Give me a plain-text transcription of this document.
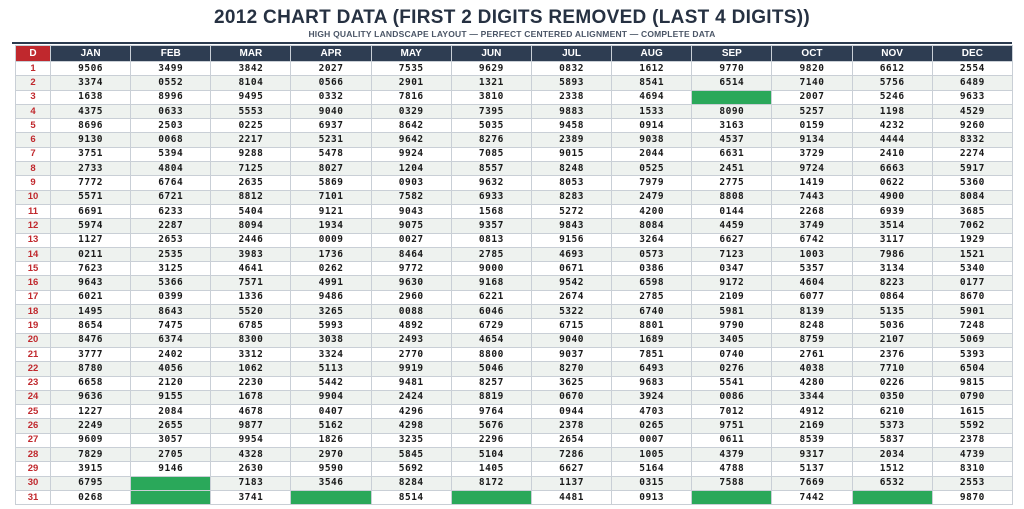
2012 CHART DATA (FIRST 2 DIGITS REMOVED (LAST 4 DIGITS))
HIGH QUALITY LANDSCAPE LAYOUT — PERFECT CENTERED ALIGNMENT — COMPLETE DATA
D	JAN	FEB	MAR	APR	MAY	JUN	JUL	AUG	SEP	OCT	NOV	DEC
1	9506	3499	3842	2027	7535	9629	0832	1612	9770	9820	6612	2554
2	3374	0552	8104	0566	2901	1321	5893	8541	6514	7140	5756	6489
3	1638	8996	9495	0332	7816	3810	2338	4694		2007	5246	9633
4	4375	0633	5553	9040	0329	7395	9883	1533	8090	5257	1198	4529
5	8696	2503	0225	6937	8642	5035	9458	0914	3163	0159	4232	9260
6	9130	0068	2217	5231	9642	8276	2389	9038	4537	9134	4444	8332
7	3751	5394	9288	5478	9924	7085	9015	2044	6631	3729	2410	2274
8	2733	4804	7125	8027	1204	8557	8248	0525	2451	9724	6663	5917
9	7772	6764	2635	5869	0903	9632	8053	7979	2775	1419	0622	5360
10	5571	6721	8812	7101	7582	6933	8283	2479	8808	7443	4900	8084
11	6691	6233	5404	9121	9043	1568	5272	4200	0144	2268	6939	3685
12	5974	2287	8094	1934	9075	9357	9843	8084	4459	3749	3514	7062
13	1127	2653	2446	0009	0027	0813	9156	3264	6627	6742	3117	1929
14	0211	2535	3983	1736	8464	2785	4693	0573	7123	1003	7986	1521
15	7623	3125	4641	0262	9772	9000	0671	0386	0347	5357	3134	5340
16	9643	5366	7571	4991	9630	9168	9542	6598	9172	4604	8223	0177
17	6021	0399	1336	9486	2960	6221	2674	2785	2109	6077	0864	8670
18	1495	8643	5520	3265	0088	6046	5322	6740	5981	8139	5135	5901
19	8654	7475	6785	5993	4892	6729	6715	8801	9790	8248	5036	7248
20	8476	6374	8300	3038	2493	4654	9040	1689	3405	8759	2107	5069
21	3777	2402	3312	3324	2770	8800	9037	7851	0740	2761	2376	5393
22	8780	4056	1062	5113	9919	5046	8270	6493	0276	4038	7710	6504
23	6658	2120	2230	5442	9481	8257	3625	9683	5541	4280	0226	9815
24	9636	9155	1678	9904	2424	8819	0670	3924	0086	3344	0350	0790
25	1227	2084	4678	0407	4296	9764	0944	4703	7012	4912	6210	1615
26	2249	2655	9877	5162	4298	5676	2378	0265	9751	2169	5373	5592
27	9609	3057	9954	1826	3235	2296	2654	0007	0611	8539	5837	2378
28	7829	2705	4328	2970	5845	5104	7286	1005	4379	9317	2034	4739
29	3915	9146	2630	9590	5692	1405	6627	5164	4788	5137	1512	8310
30	6795		7183	3546	8284	8172	1137	0315	7588	7669	6532	2553
31	0268		3741		8514		4481	0913		7442		9870
